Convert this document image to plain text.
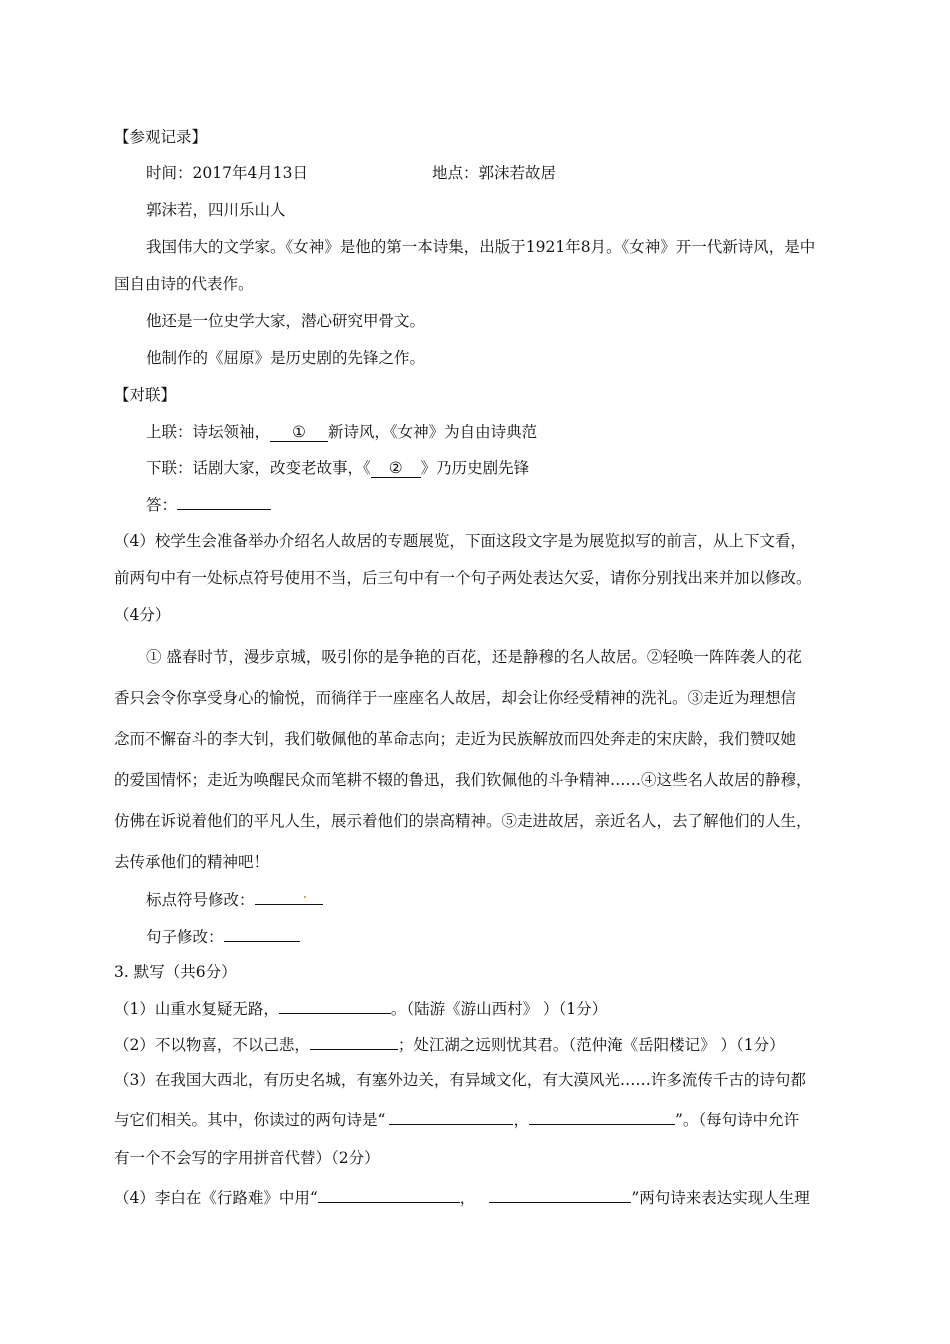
【参观记录】
时间：2017年4月13日	地点：郭沫若故居
郭沫若，四川乐山人
我国伟大的文学家。《女神》是他的第一本诗集，出版于1921年8月。《女神》开一代新诗风，是中
国自由诗的代表作。
他还是一位史学大家，潜心研究甲骨文。
他制作的《屈原》是历史剧的先锋之作。
【对联】
上联：诗坛领袖， ① 新诗风，《女神》为自由诗典范
下联：话剧大家，改变老故事，《 ② 》乃历史剧先锋
答：
（4）校学生会准备举办介绍名人故居的专题展览，下面这段文字是为展览拟写的前言，从上下文看，
前两句中有一处标点符号使用不当，后三句中有一个句子两处表达欠妥，请你分别找出来并加以修改。
（4分）
① 盛春时节，漫步京城，吸引你的是争艳的百花，还是静穆的名人故居。②轻唤一阵阵袭人的花
香只会令你享受身心的愉悦，而徜徉于一座座名人故居，却会让你经受精神的洗礼。③走近为理想信
念而不懈奋斗的李大钊，我们敬佩他的革命志向；走近为民族解放而四处奔走的宋庆龄，我们赞叹她
的爱国情怀；走近为唤醒民众而笔耕不辍的鲁迅，我们钦佩他的斗争精神……④这些名人故居的静穆，
仿佛在诉说着他们的平凡人生，展示着他们的崇高精神。⑤走进故居，亲近名人，去了解他们的人生，
去传承他们的精神吧！
标点符号修改：	.
句子修改：
3. 默写（共6分）
（1）山重水复疑无路，	。（陆游《游山西村》 ）（1分）
（2）不以物喜，不以己悲，	；处江湖之远则忧其君。（范仲淹《岳阳楼记》 ）（1分）
（3）在我国大西北，有历史名城，有塞外边关，有异域文化，有大漠风光……许多流传千古的诗句都
与它们相关。其中，你读过的两句诗是“	，	”。（每句诗中允许
有一个不会写的字用拼音代替）（2分）
（4）李白在《行路难》中用“	，	”两句诗来表达实现人生理
